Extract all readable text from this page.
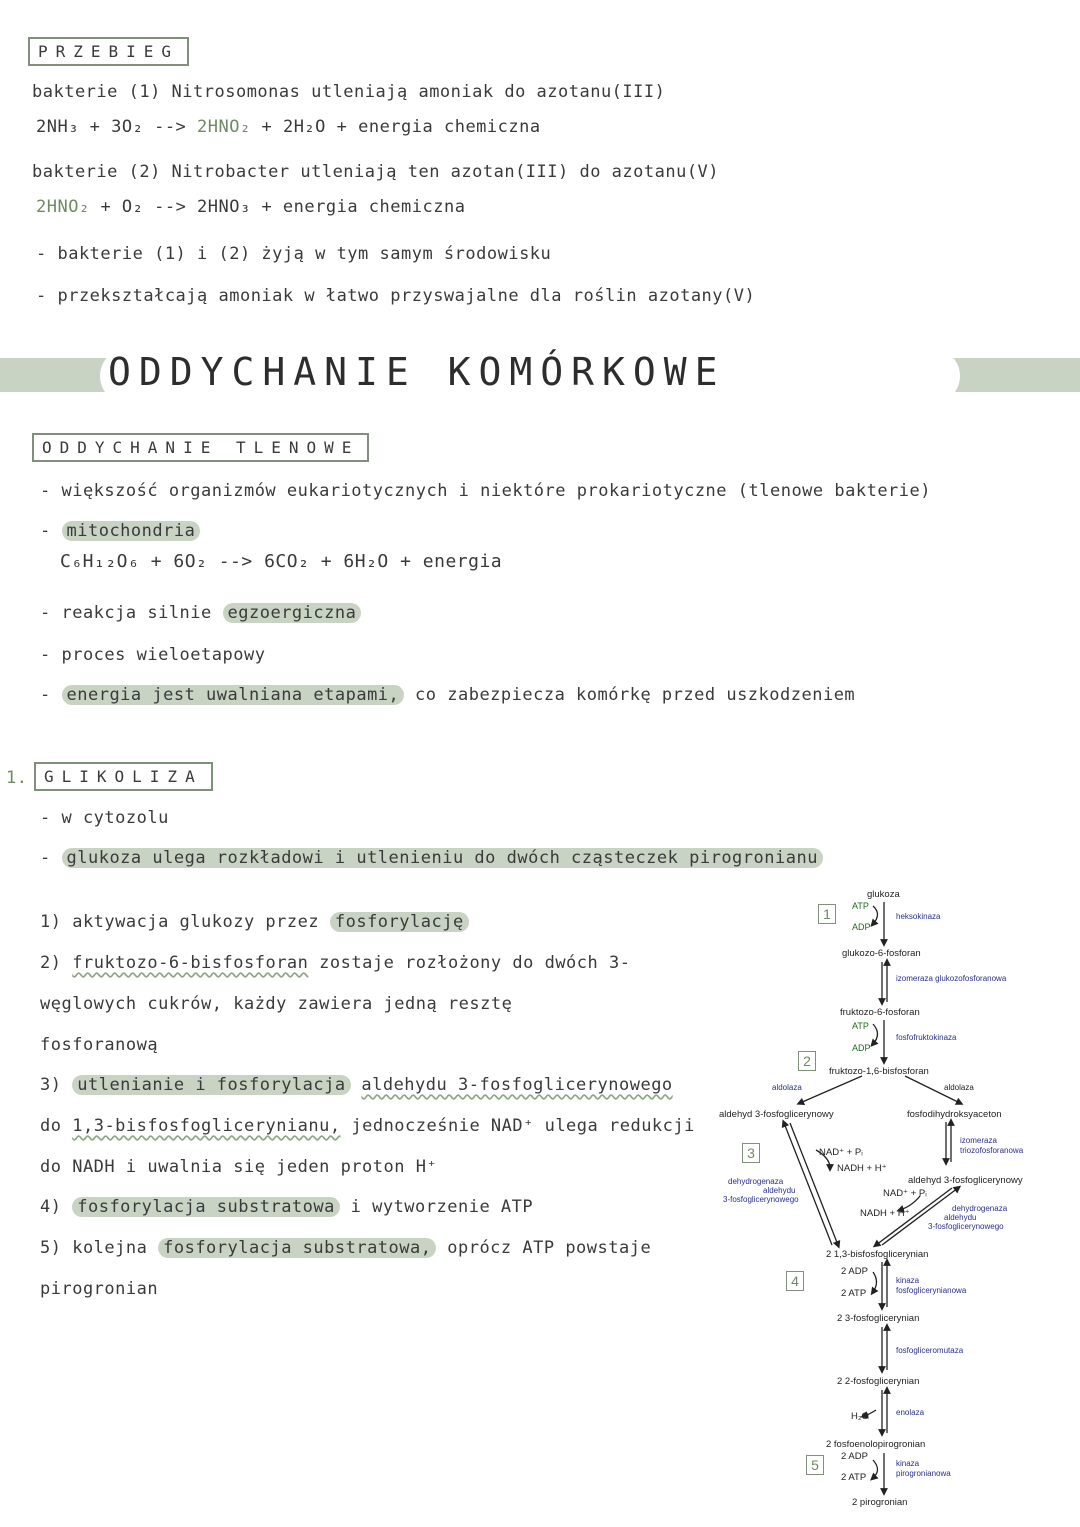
PRZEBIEG
bakterie (1) Nitrosomonas utleniają amoniak do azotanu(III)
2NH₃ + 3O₂ --> 2HNO₂ + 2H₂O + energia chemiczna
bakterie (2) Nitrobacter utleniają ten azotan(III) do azotanu(V)
2HNO₂ + O₂ --> 2HNO₃ + energia chemiczna
- bakterie (1) i (2) żyją w tym samym środowisku
- przekształcają amoniak w łatwo przyswajalne dla roślin azotany(V)
ODDYCHANIE KOMÓRKOWE
ODDYCHANIE TLENOWE
- większość organizmów eukariotycznych i niektóre prokariotyczne (tlenowe bakterie)
- mitochondria
C₆H₁₂O₆ + 6O₂ --> 6CO₂ + 6H₂O + energia
- reakcja silnie egzoergiczna
- proces wieloetapowy
- energia jest uwalniana etapami, co zabezpiecza komórkę przed uszkodzeniem
1.	GLIKOLIZA
- w cytozolu
- glukoza ulega rozkładowi i utlenieniu do dwóch cząsteczek pirogronianu
1) aktywacja glukozy przez fosforylację
2) fruktozo-6-bisfosforan zostaje rozłożony do dwóch 3-
węglowych cukrów, każdy zawiera jedną resztę
fosforanową
3) utlenianie i fosforylacja aldehydu 3-fosfoglicerynowego
do 1,3-bisfosfoglicerynianu, jednocześnie NAD⁺ ulega redukcji
do NADH i uwalnia się jeden proton H⁺
4) fosforylacja substratowa i wytworzenie ATP
5) kolejna fosforylacja substratowa, oprócz ATP powstaje
pirogronian
1
2
3
4
5
glukoza
ATP
ADP
heksokinaza
glukozo-6-fosforan
izomeraza glukozofosforanowa
fruktozo-6-fosforan
ATP
ADP
fosfofruktokinaza
fruktozo-1,6-bisfosforan
aldolaza	aldolaza
aldehyd 3-fosfoglicerynowy	fosfodihydroksyaceton
izomeraza
triozofosforanowa
NAD⁺ + Pᵢ
NADH + H⁺
dehydrogenaza
aldehydu
3-fosfoglicerynowego
aldehyd 3-fosfoglicerynowy
NAD⁺ + Pᵢ
NADH + H⁺	dehydrogenaza
aldehydu
3-fosfoglicerynowego
2 1,3-bisfosfoglicerynian
2 ADP
2 ATP
kinaza
fosfoglicerynianowa
2 3-fosfoglicerynian
fosfogliceromutaza
2 2-fosfoglicerynian
H₂O	enolaza
2 fosfoenolopirogronian
2 ADP
2 ATP
kinaza
pirogronianowa
2 pirogronian
